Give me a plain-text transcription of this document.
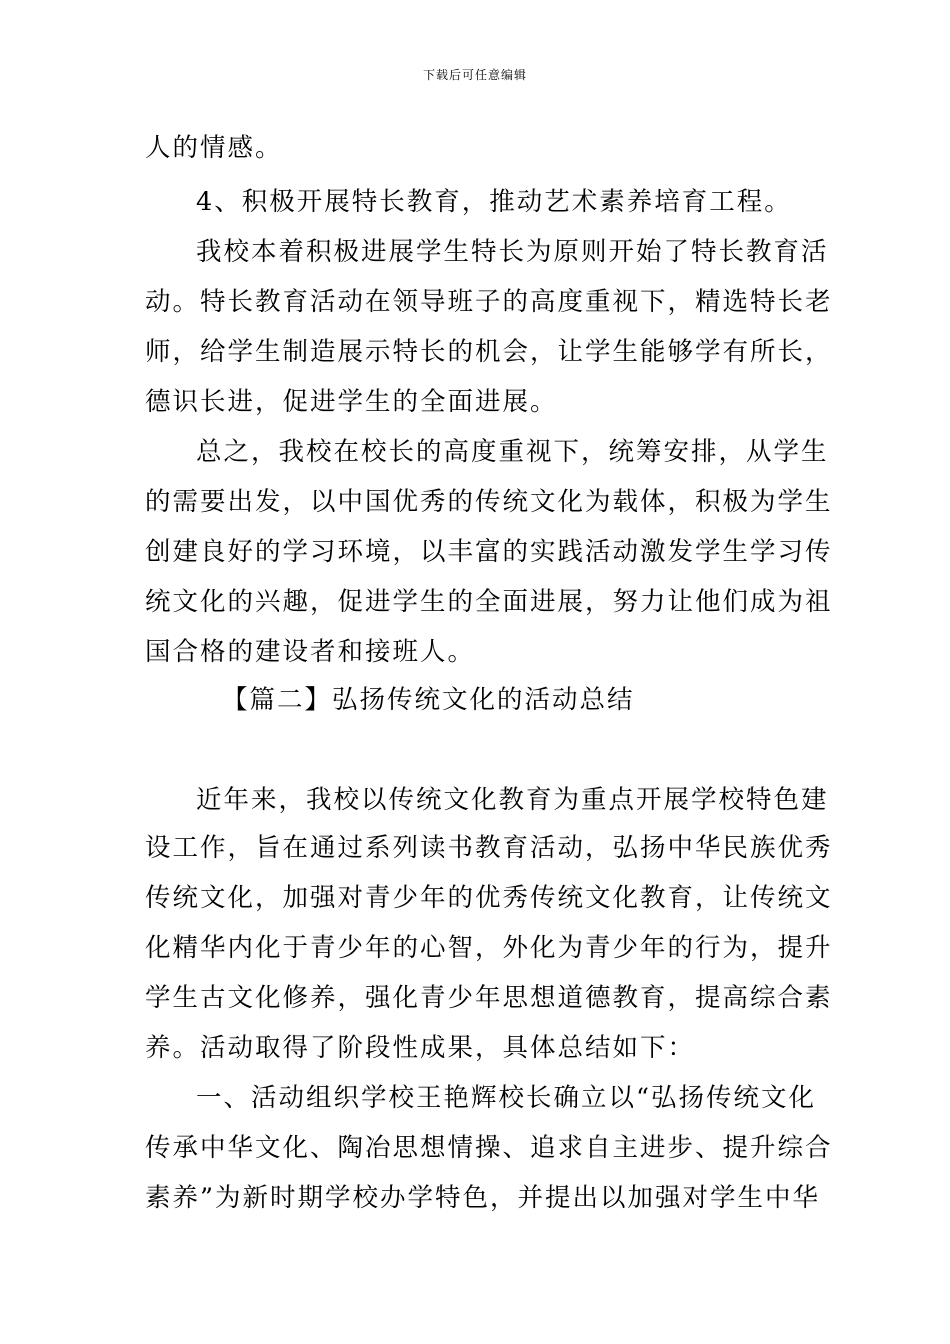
下载后可任意编辑
人的情感。
4、积极开展特长教育，推动艺术素养培育工程。
我校本着积极进展学生特长为原则开始了特长教育活
动。特长教育活动在领导班子的高度重视下，精选特长老
师，给学生制造展示特长的机会，让学生能够学有所长，
德识长进，促进学生的全面进展。
总之，我校在校长的高度重视下，统筹安排，从学生
的需要出发，以中国优秀的传统文化为载体，积极为学生
创建良好的学习环境，以丰富的实践活动激发学生学习传
统文化的兴趣，促进学生的全面进展，努力让他们成为祖
国合格的建设者和接班人。
【篇二】弘扬传统文化的活动总结
近年来，我校以传统文化教育为重点开展学校特色建
设工作，旨在通过系列读书教育活动，弘扬中华民族优秀
传统文化，加强对青少年的优秀传统文化教育，让传统文
化精华内化于青少年的心智，外化为青少年的行为，提升
学生古文化修养，强化青少年思想道德教育，提高综合素
养。活动取得了阶段性成果，具体总结如下：
一、活动组织学校王艳辉校长确立以“弘扬传统文化
传承中华文化、陶冶思想情操、追求自主进步、提升综合
素养”为新时期学校办学特色，并提出以加强对学生中华
